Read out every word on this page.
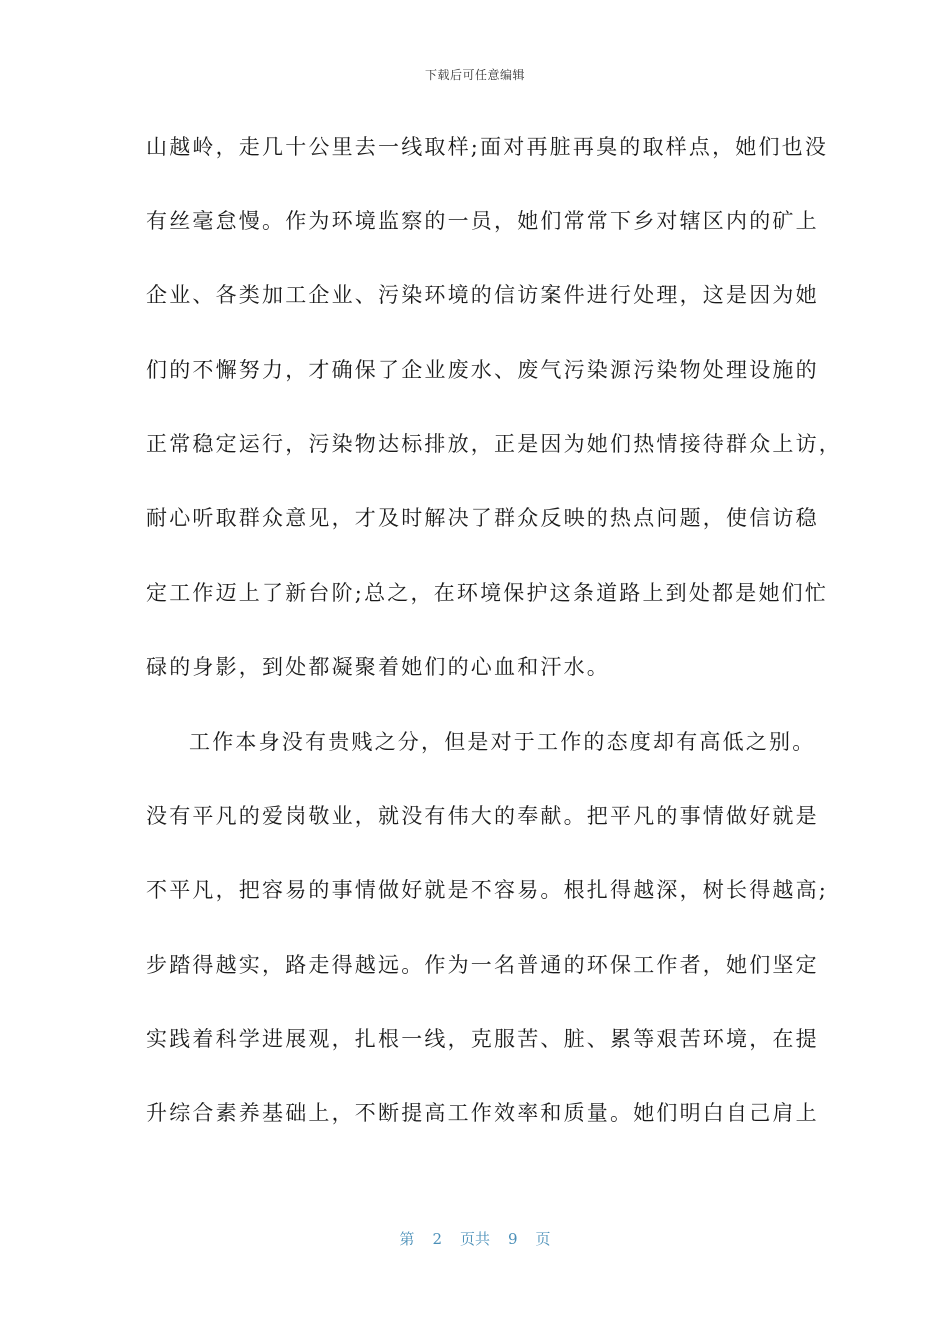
下载后可任意编辑
山越岭，走几十公里去一线取样;面对再脏再臭的取样点，她们也没
有丝毫怠慢。作为环境监察的一员，她们常常下乡对辖区内的矿上
企业、各类加工企业、污染环境的信访案件进行处理，这是因为她
们的不懈努力，才确保了企业废水、废气污染源污染物处理设施的
正常稳定运行，污染物达标排放，正是因为她们热情接待群众上访，
耐心听取群众意见，才及时解决了群众反映的热点问题，使信访稳
定工作迈上了新台阶;总之，在环境保护这条道路上到处都是她们忙
碌的身影，到处都凝聚着她们的心血和汗水。
工作本身没有贵贱之分，但是对于工作的态度却有高低之别。
没有平凡的爱岗敬业，就没有伟大的奉献。把平凡的事情做好就是
不平凡，把容易的事情做好就是不容易。根扎得越深，树长得越高;
步踏得越实，路走得越远。作为一名普通的环保工作者，她们坚定
实践着科学进展观，扎根一线，克服苦、脏、累等艰苦环境，在提
升综合素养基础上，不断提高工作效率和质量。她们明白自己肩上
第 2 页共 9 页
